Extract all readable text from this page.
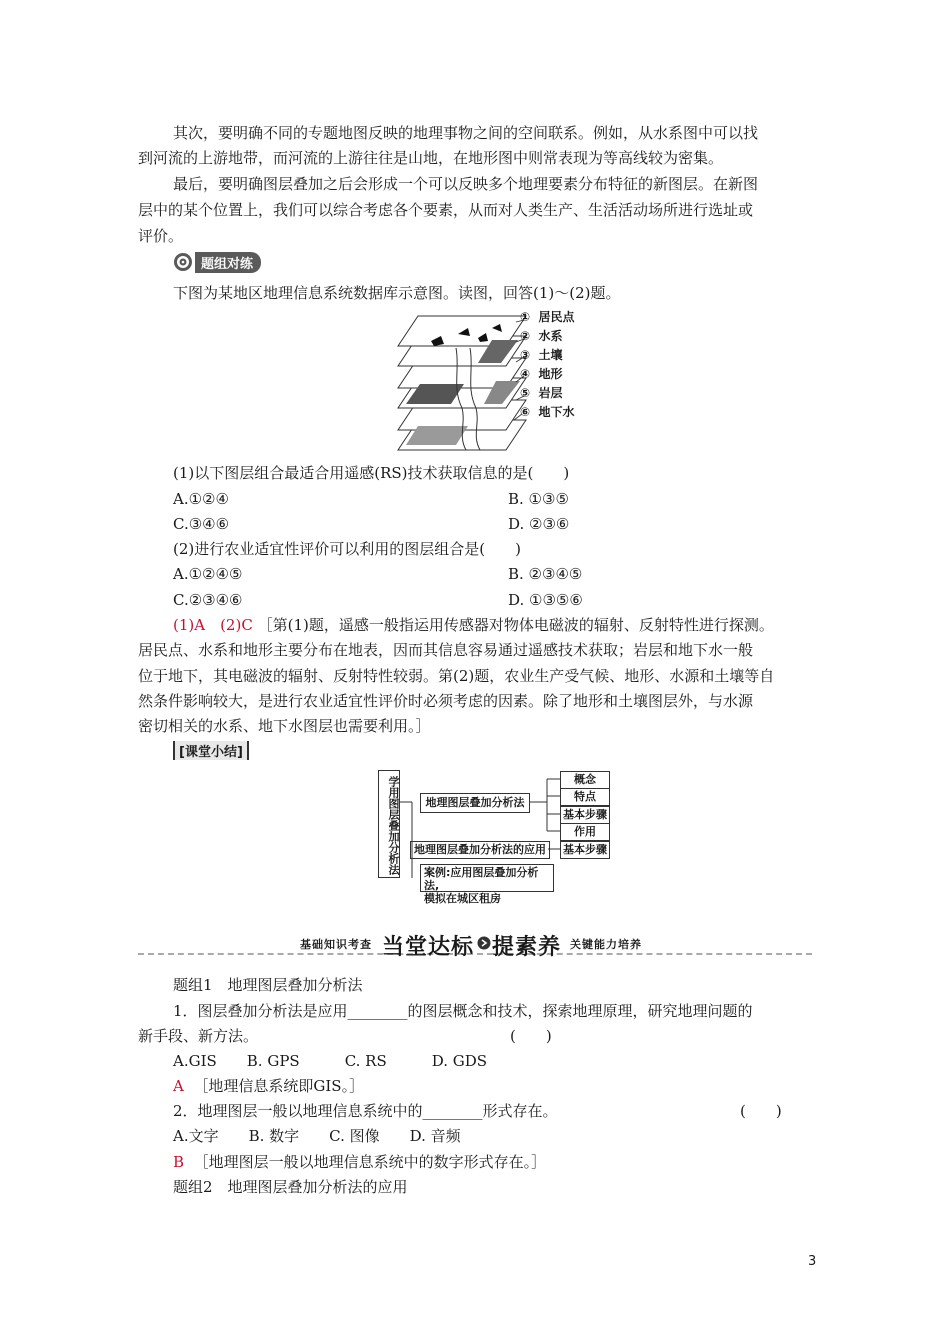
其次，要明确不同的专题地图反映的地理事物之间的空间联系。例如，从水系图中可以找
到河流的上游地带，而河流的上游往往是山地，在地形图中则常表现为等高线较为密集。
最后，要明确图层叠加之后会形成一个可以反映多个地理要素分布特征的新图层。在新图
层中的某个位置上，我们可以综合考虑各个要素，从而对人类生产、生活活动场所进行选址或
评价。
题组对练
下图为某地区地理信息系统数据库示意图。读图，回答(1)～(2)题。
① 居民点
② 水系
③ 土壤
④ 地形
⑤ 岩层
⑥ 地下水
(1)以下图层组合最适合用遥感(RS)技术获取信息的是(　　)
A.①②④	B. ①③⑤
C.③④⑥	D. ②③⑥
(2)进行农业适宜性评价可以利用的图层组合是(　　)
A.①②④⑤	B. ②③④⑤
C.②③④⑥	D. ①③⑤⑥
(1)A　(2)C ［第(1)题，遥感一般指运用传感器对物体电磁波的辐射、反射特性进行探测。
居民点、水系和地形主要分布在地表，因而其信息容易通过遥感技术获取；岩层和地下水一般
位于地下，其电磁波的辐射、反射特性较弱。第(2)题，农业生产受气候、地形、水源和土壤等自
然条件影响较大，是进行农业适宜性评价时必须考虑的因素。除了地形和土壤图层外，与水源
密切相关的水系、地下水图层也需要利用。］
[课堂小结]
学用图层叠加分析法	地理图层叠加分析法
概念
特点
基本步骤
作用
地理图层叠加分析法的应用	基本步骤
案例:应用图层叠加分析法,
模拟在城区租房
基础知识考查 当堂达标 提素养 关键能力培养
题组1　地理图层叠加分析法
1．图层叠加分析法是应用________的图层概念和技术，探索地理原理，研究地理问题的
新手段、新方法。	(　　)
A.GIS　　B. GPS　　　C. RS　　　D. GDS
A ［地理信息系统即GIS。］
2．地理图层一般以地理信息系统中的________形式存在。	(　　)
A.文字　　B. 数字　　C. 图像　　D. 音频
B ［地理图层一般以地理信息系统中的数字形式存在。］
题组2　地理图层叠加分析法的应用
3
